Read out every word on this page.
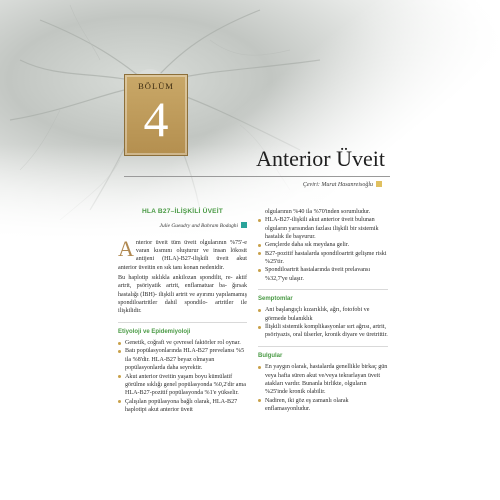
BÖLÜM
4
Anterior Üveit
Çeviri: Murat Hasanreisoğlu
HLA B27–İLİŞKİLİ ÜVEİT
Julie Gueudry and Bahram Bodaghi

A nterior üveit tüm üveit olgularının %75'-e varan kısmını oluşturur ve insan lökosit antijeni (HLA)-B27-ilişkili üveit akut anterior üveitin en sık tanı konan nedenidir.

Bu haplotip sıklıkla ankilozan spondilit, re- aktif artrit, psöriyatik artrit, enflamatuar ba- ğırsak hastalığı (İBH)- ilişkili artrit ve ayırımı yapılamamış spondiloartritler dahil spondilo- artritler ile ilişkilidir.

Etiyoloji ve Epidemiyoloji
Genetik, coğrafi ve çevresel faktörler rol oynar.
Batı popülasyonlarında HLA-B27 prevelansı %5 ila %8'dir. HLA-B27 beyaz olmayan popülasyonlarda daha seyrektir.
Akut anterior üveitin yaşam boyu kümülatif görülme sıklığı genel popülasyonda %0,2'dir ama HLA-B27-pozitif popülasyonda %1'e yükselir.
Çalışılan popülasyona bağlı olarak, HLA-B27 haplotipi akut anterior üveit
olgularının %40 ila %70'inden sorumludur.
HLA-B27-ilişkili akut anterior üveit bulunan olguların yarısından fazlası ilişkili bir sistemik hastalık ile başvurur.
Gençlerde daha sık meydana gelir.
B27-pozitif hastalarda spondiloartrit gelişme riski %25'tir.
Spondiloartrit hastalarında üveit prelavansı %32,7'ye ulaşır.
Semptomlar
Ani başlangıçlı kızarıklık, ağrı, fotofobi ve görmede bulanıklık
İlişkili sistemik komplikasyonlar sırt ağrısı, artrit, psöriyazis, oral ülserler, kronik diyare ve üretrittir.
Bulgular
En yaygın olarak, hastalarda genellikle birkaç gün veya hafta süren akut ve/veya tekrarlayan üveit atakları vardır. Bunanla birlikte, olguların %25'inde kronik olabilir.
Nadiren, iki göz eş zamanlı olarak enflamasyonludur.
